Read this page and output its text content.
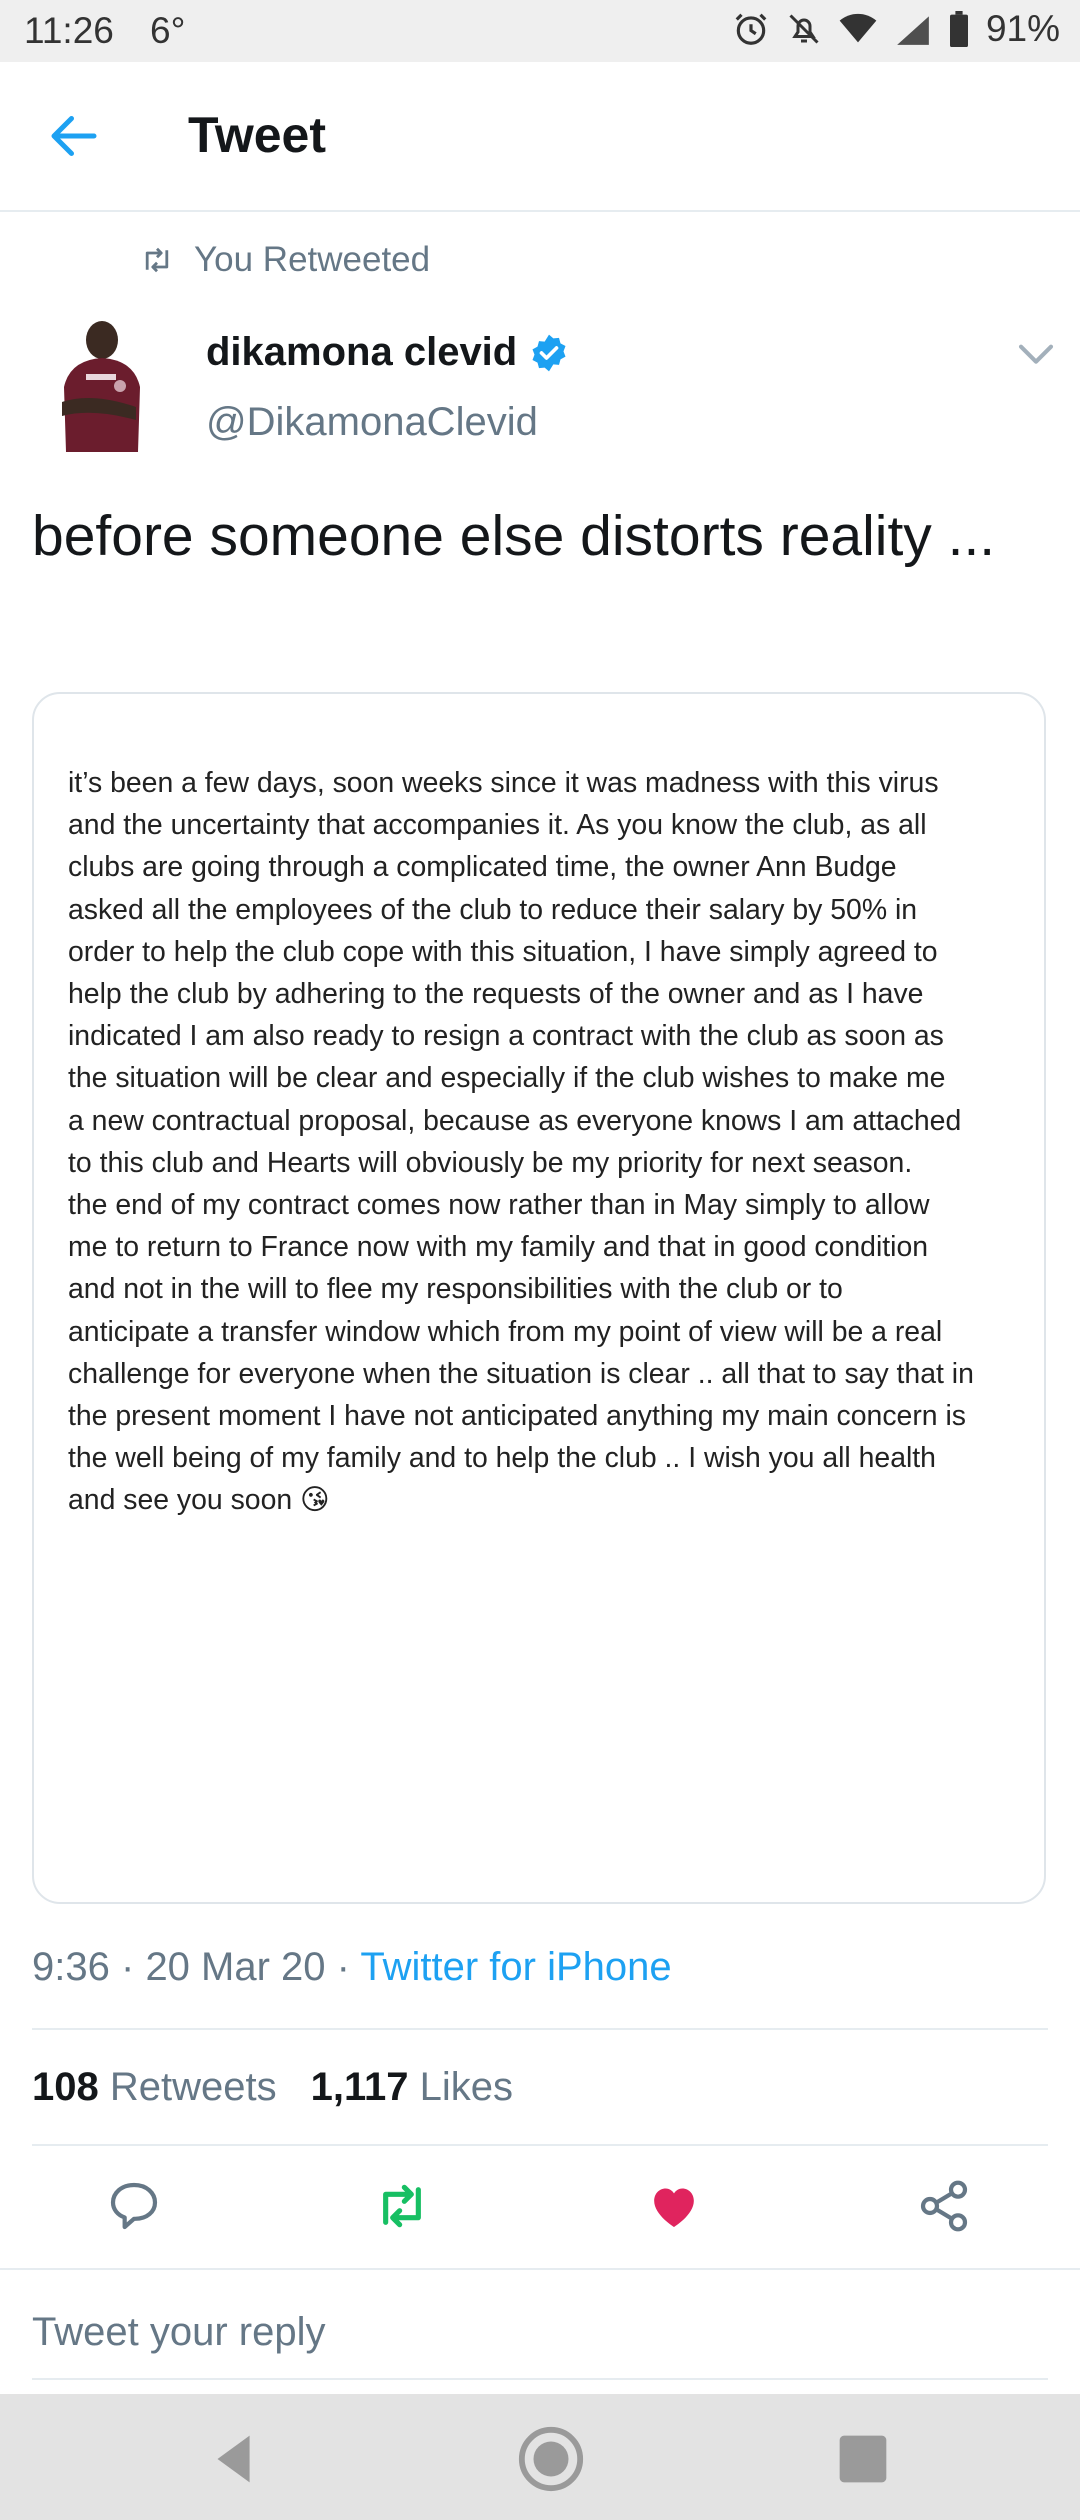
11:26 6°	91%
Tweet
You Retweeted
dikamona clevid
@DikamonaClevid
before someone else distorts reality ...
it’s been a few days, soon weeks since it was madness with this virus
and the uncertainty that accompanies it. As you know the club, as all
clubs are going through a complicated time, the owner Ann Budge
asked all the employees of the club to reduce their salary by 50% in
order to help the club cope with this situation, I have simply agreed to
help the club by adhering to the requests of the owner and as I have
indicated I am also ready to resign a contract with the club as soon as
the situation will be clear and especially if the club wishes to make me
a new contractual proposal, because as everyone knows I am attached
to this club and Hearts will obviously be my priority for next season.
the end of my contract comes now rather than in May simply to allow
me to return to France now with my family and that in good condition
and not in the will to flee my responsibilities with the club or to
anticipate a transfer window which from my point of view will be a real
challenge for everyone when the situation is clear .. all that to say that in
the present moment I have not anticipated anything my main concern is
the well being of my family and to help the club .. I wish you all health
and see you soon 😘
9:36 · 20 Mar 20 · Twitter for iPhone
108 Retweets 1,117 Likes
Tweet your reply
